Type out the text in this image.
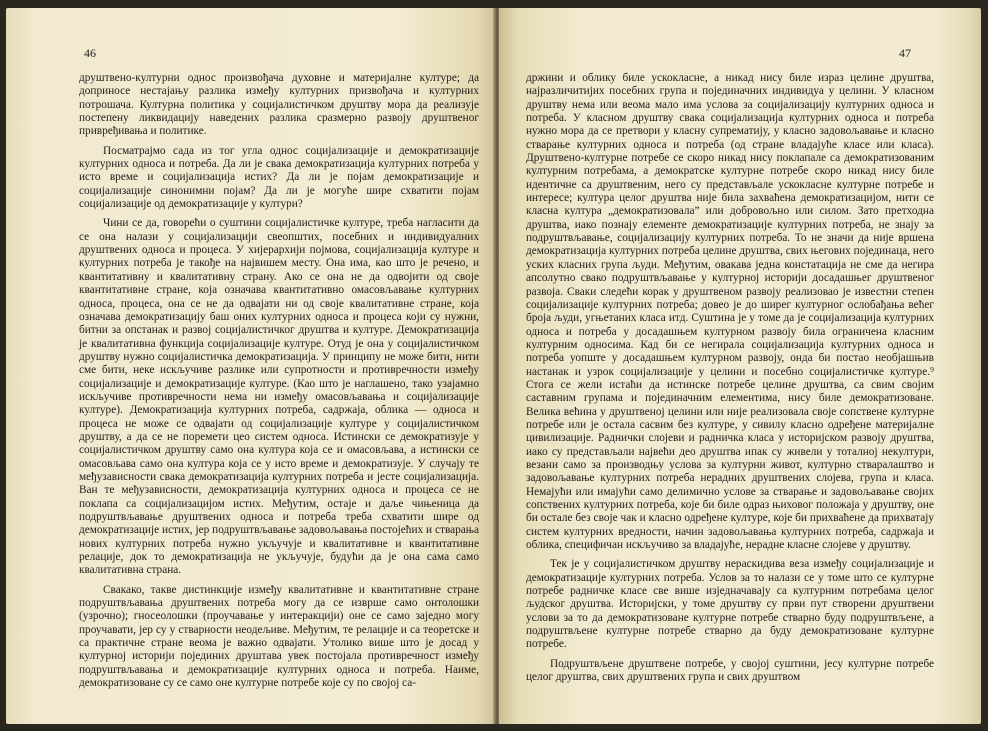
46

друштвено-културни однос произвођача духовне и материјалне културе; да доприносе нестајању разлика између културних призвођача и културних потрошача. Културна политика у социјалистичком друштву мора да реализује постепену ликвидацију наведених разлика сразмерно развоју друштвеног привређивања и политике.

Посматрајмо сада из тог угла однос социјализације и демократизације културних односа и потреба. Да ли је свака демократизација културних потреба у исто време и социјализација истих? Да ли је појам демократизације и социјализације синонимни појам? Да ли је могуће шире схватити појам социјализације од демократизације у култури?

Чини се да, говорећи о суштини социјалистичке културе, треба нагласити да се она налази у социјализацији свеопштих, посебних и индивидуалних друштвених односа и процеса. У хијерархији појмова, социјализација културе и културних потреба је такође на највишем месту. Она има, као што је речено, и квантитативну и квалитативну страну. Ако се она не да одвојити од своје квантитативне стране, која означава квантитативно омасовљавање културних односа, процеса, она се не да одвајати ни од своје квалитативне стране, која означава демократизацију баш оних културних односа и процеса који су нужни, битни за опстанак и развој социјалистичког друштва и културе. Демократизација је квалитативна функција социјализације културе. Отуд је она у социјалистичком друштву нужно социјалистичка демократизација. У принципу не може бити, нити сме бити, неке искључиве разлике или супротности и противречности између социјализације и демократизације културе. (Као што је наглашено, тако узајамно искључиве противречности нема ни између омасовљавања и социјализације културе). Демократизација културних потреба, садржаја, облика — односа и процеса не може се одвајати од социјализације културе у социјалистичком друштву, а да се не поремети цео систем односа. Истински се демократизује у социјалистичком друштву само она култура која се и омасовљава, а истински се омасовљава само она култура која се у исто време и демократизује. У случају те међузависности свака демократизација културних потреба и јесте социјализација. Ван те међузависности, демократизација културних односа и процеса се не поклапа са социјализацијом истих. Међутим, остаје и даље чињеница да подруштвљавање друштвених односа и потреба треба схватити шире од демократизације истих, јер подруштвљавање задовољавања постојећих и стварања нових културних потреба нужно укључује и квалитативне и квантитативне релације, док то демократизација не укључује, будући да је она сама само квалитативна страна.

Свакако, такве дистинкције између квалитативне и квантитативне стране подруштвљавања друштвених потреба могу да се изврше само онтолошки (узрочно); гносеолошки (проучавање у интеракцији) оне се само заједно могу проучавати, јер су у стварности неодељиве. Међутим, те релације и са теоретске и са практичне стране веома је важно одвајати. Утолико више што је досад у културној историји појединих друштава увек постојала противречност између подруштвљавања и демократизације културних односа и потреба. Наиме, демократизоване су се само оне културне потребе које су по својој са-

47

држини и облику биле ускокласне, а никад нису биле израз целине друштва, најразличитијих посебних група и појединачних индивидуа у целини. У класном друштву нема или веома мало има услова за социјализацију културних односа и потреба. У класном друштву свака социјализација културних односа и потреба нужно мора да се претвори у класну супрематију, у класно задовољавање и класно стварање културних односа и потреба (од стране владајуће класе или класа). Друштвено-културне потребе се скоро никад нису поклапале са демократизованим културним потребама, а демократске културне потребе скоро никад нису биле идентичне са друштвеним, него су представљале ускокласне културне потребе и интересе; култура целог друштва није била захваћена демократизацијом, нити се класна култура „демократизовала” или добровољно или силом. Зато претходна друштва, иако познају елементе демократизације културних потреба, не знају за подруштвљавање, социјализацију културних потреба. То не значи да није вршена демократизација културних потреба целине друштва, свих његових појединаца, него уских класних група људи. Међутим, овакава једна констатација не сме да негира апсолутно свако подруштвљавање у културној историји досадашњег друштвеног развоја. Сваки следећи корак у друштвеном развоју реализовао је известни степен социјализације културних потреба; довео је до ширег културног ослобађања већег броја људи, угњетаних класа итд. Суштина је у томе да је социјализација културних односа и потреба у досадашњем културном развоју била ограничена класним културним односима. Кад би се негирала социјализација културних односа и потреба уопште у досадашњем културном развоју, онда би постао необјашњив настанак и узрок социјализације у целини и посебно социјалистичке културе.⁹ Стога се жели истаћи да истинске потребе целине друштва, са свим својим саставним групама и појединачним елементима, нису биле демократизоване. Велика већина у друштвеној целини или није реализовала своје сопствене културне потребе или је остала сасвим без културе, у сивилу класно одређене материјалне цивилизације. Раднички слојеви и радничка класа у историјском развоју друштва, иако су представљали највећи део друштва ипак су живели у тоталној некултури, везани само за производњу услова за културни живот, културно стваралаштво и задовољавање културних потреба нерадних друштвених слојева, група и класа. Немајући или имајући само делимично услове за стварање и задовољавање својих сопствених културних потреба, које би биле одраз њиховог положаја у друштву, оне би остале без своје чак и класно одређене културе, које би прихваћене да прихватају систем културних вредности, начин задовољавања културних потреба, садржаја и облика, специфичан искључиво за владајуће, нерадне класне слојеве у друштву.

Тек је у социјалистичком друштву нераскидива веза између социјализације и демократизације културних потреба. Услов за то налази се у томе што се културне потребе радничке класе све више изједначавају са културним потребама целог људског друштва. Историјски, у томе друштву су први пут створени друштвени услови за то да демократизоване културне потребе стварно буду подруштвљене, а подруштвљене културне потребе стварно да буду демократизоване културне потребе.

Подруштвљене друштвене потребе, у својој суштини, јесу културне потребе целог друштва, свих друштвених група и свих друштвом
